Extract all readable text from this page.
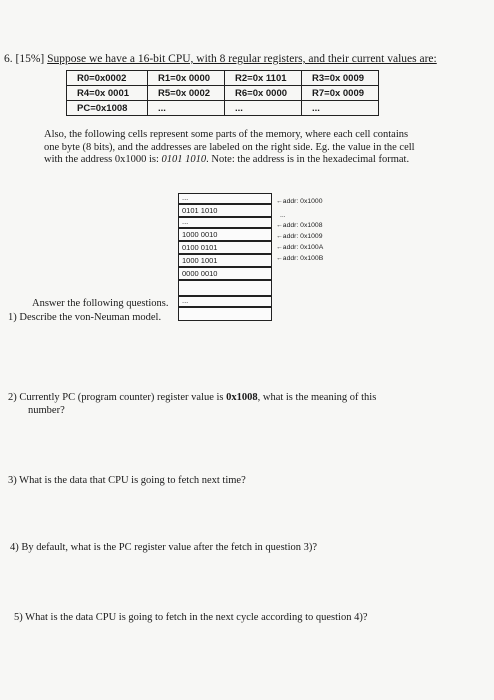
6. [15%] Suppose we have a 16-bit CPU, with 8 regular registers, and their current values are:
R0=0x0002	R1=0x 0000	R2=0x 1101	R3=0x 0009
R4=0x 0001	R5=0x 0002	R6=0x 0000	R7=0x 0009
PC=0x1008	...	...	...
Also, the following cells represent some parts of the memory, where each cell contains
one byte (8 bits), and the addresses are labeled on the right side. Eg. the value in the cell
with the address 0x1000 is: 0101 1010. Note: the address is in the hexadecimal format.
...
0101 1010
...
1000 0010
0100 0101
1000 1001
0000 0010
...
←addr: 0x1000
...
←addr: 0x1008
←addr: 0x1009
←addr: 0x100A
←addr: 0x100B
Answer the following questions.
1) Describe the von-Neuman model.
2) Currently PC (program counter) register value is 0x1008, what is the meaning of this
number?
3) What is the data that CPU is going to fetch next time?
4) By default, what is the PC register value after the fetch in question 3)?
5) What is the data CPU is going to fetch in the next cycle according to question 4)?
